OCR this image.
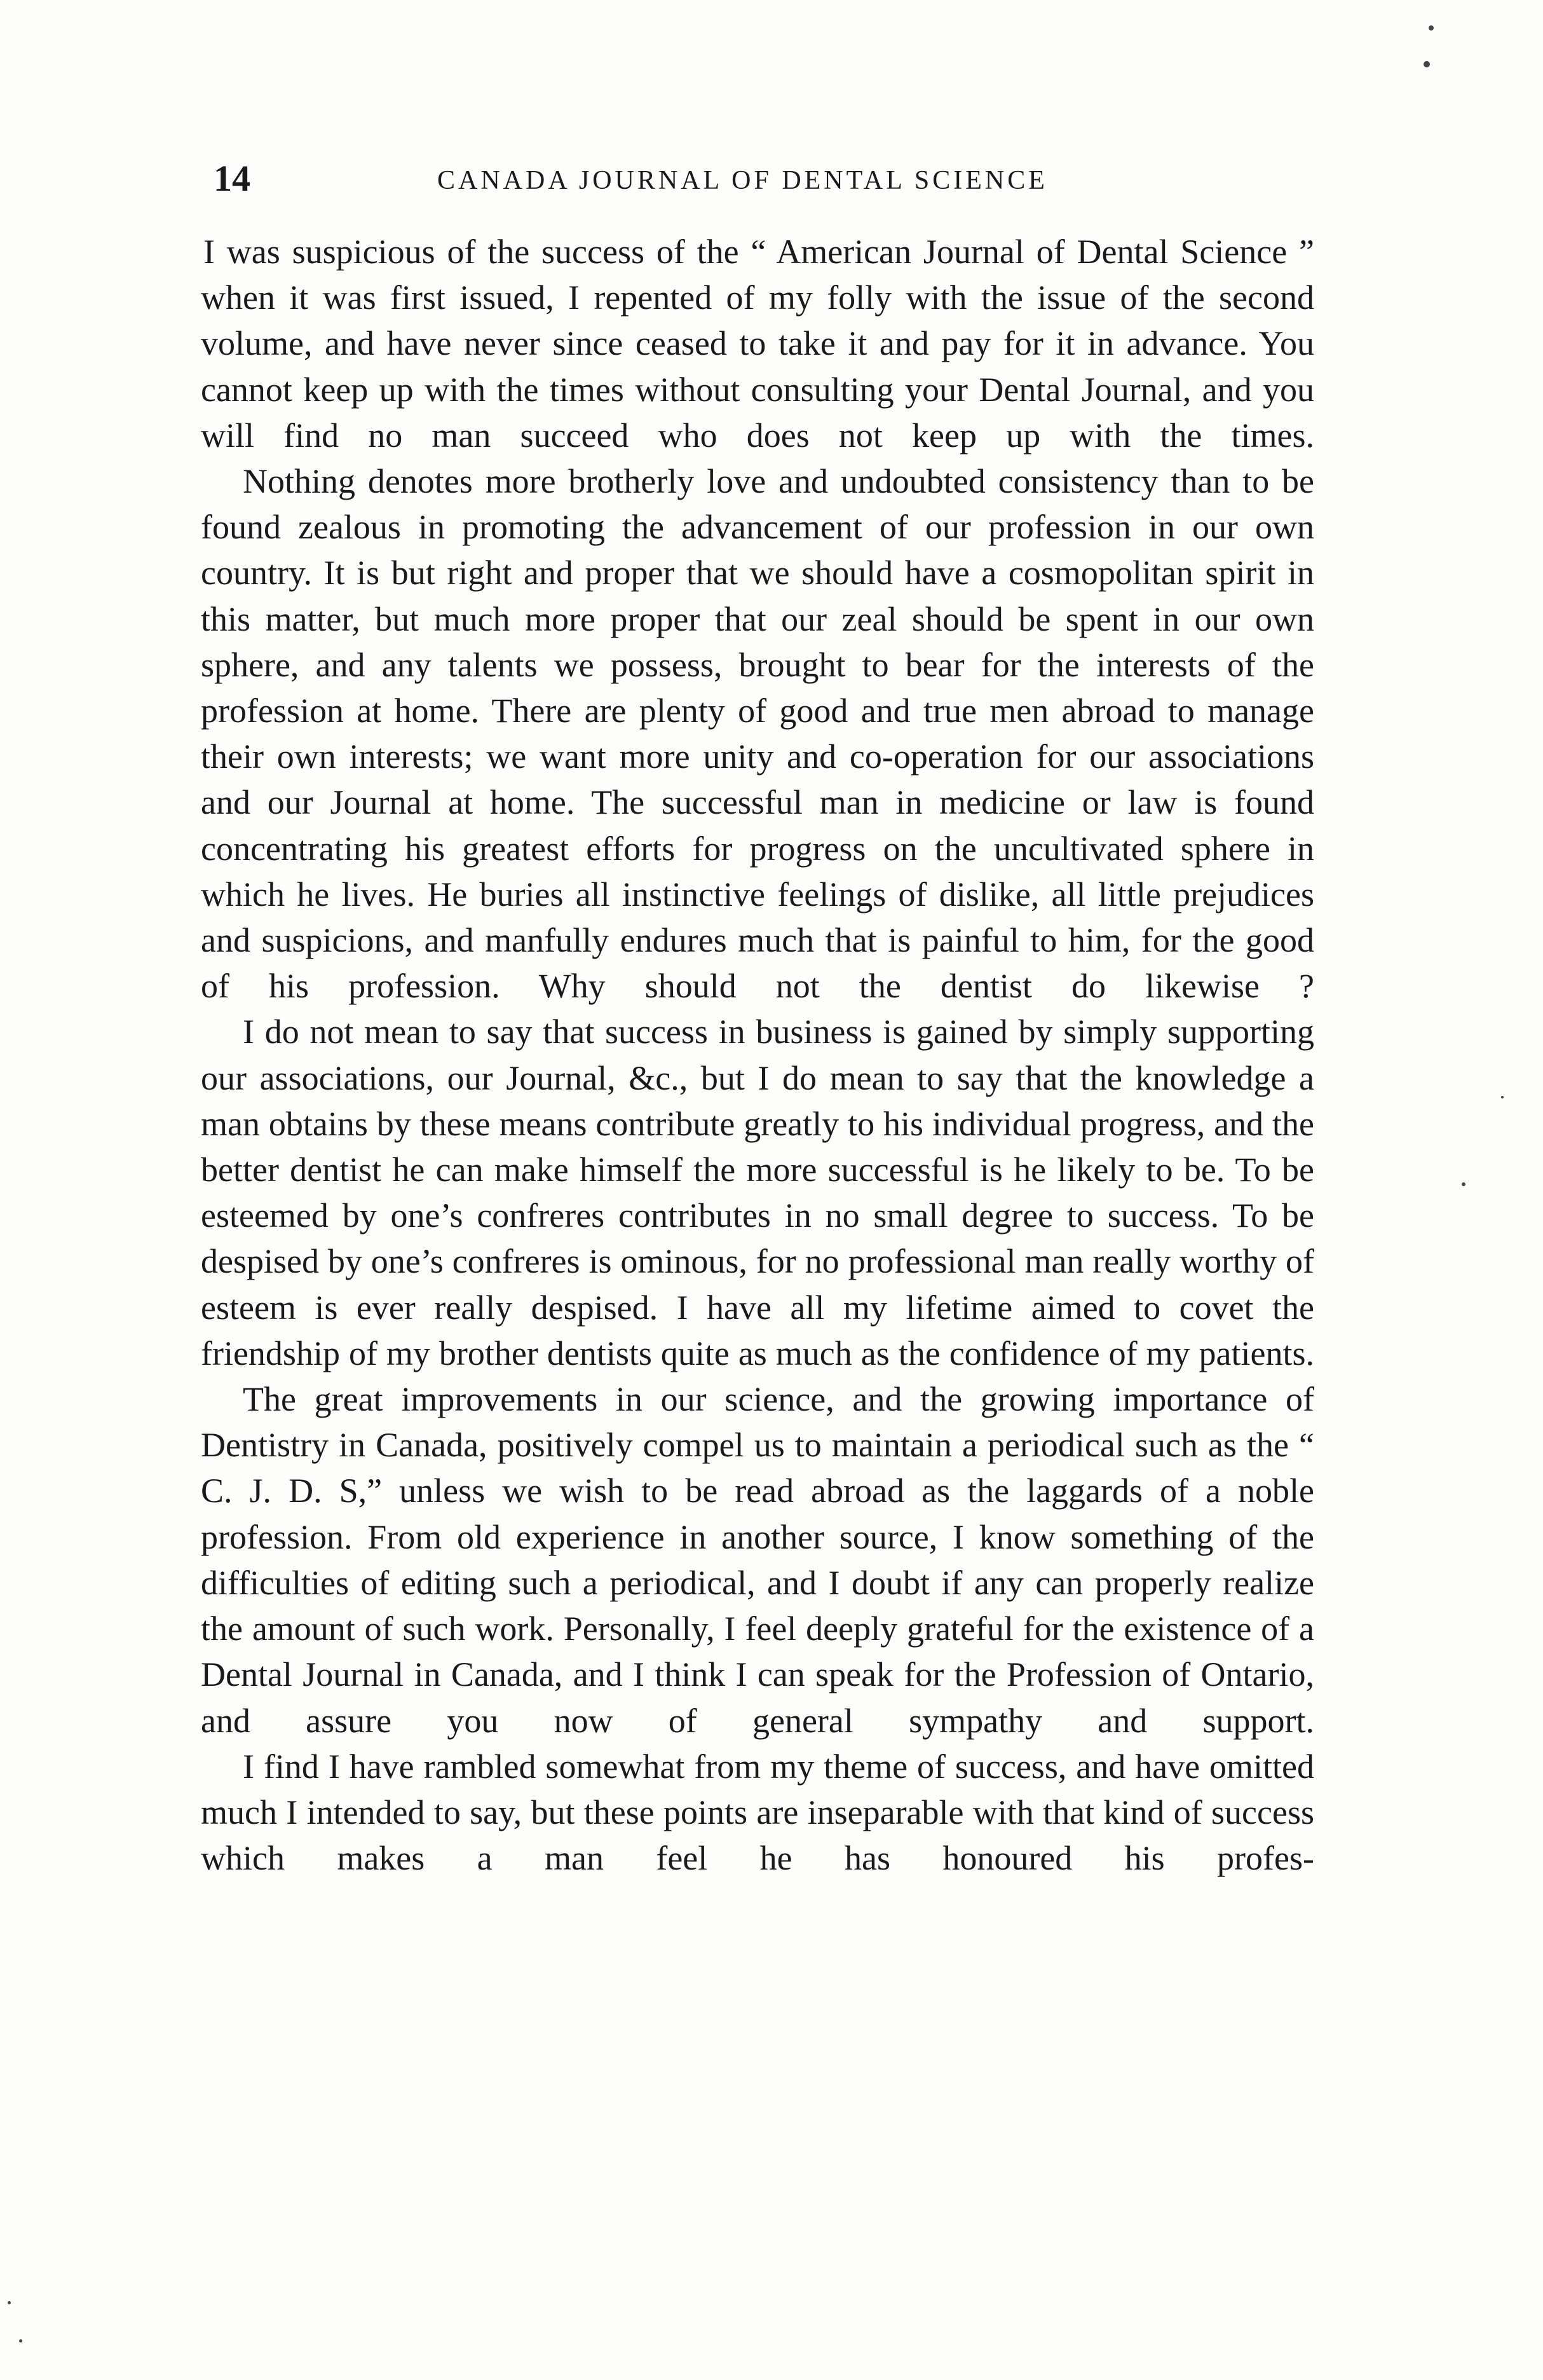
14	CANADA JOURNAL OF DENTAL SCIENCE

I was suspicious of the success of the “ American Journal of Dental Science ” when it was first issued, I repented of my folly with the issue of the second volume, and have never since ceased to take it and pay for it in advance. You cannot keep up with the times without consulting your Dental Journal, and you will find no man succeed who does not keep up with the times.

Nothing denotes more brotherly love and undoubted consistency than to be found zealous in promoting the advancement of our profession in our own country. It is but right and proper that we should have a cosmopolitan spirit in this matter, but much more proper that our zeal should be spent in our own sphere, and any talents we possess, brought to bear for the interests of the profession at home. There are plenty of good and true men abroad to manage their own interests; we want more unity and co-operation for our associations and our Journal at home. The successful man in medicine or law is found concentrating his greatest efforts for progress on the uncultivated sphere in which he lives. He buries all instinctive feelings of dislike, all little prejudices and suspicions, and manfully endures much that is painful to him, for the good of his profession. Why should not the dentist do likewise ?

I do not mean to say that success in business is gained by simply supporting our associations, our Journal, &c., but I do mean to say that the knowledge a man obtains by these means contribute greatly to his individual progress, and the better dentist he can make himself the more successful is he likely to be. To be esteemed by one’s confreres contributes in no small degree to success. To be despised by one’s confreres is ominous, for no professional man really worthy of esteem is ever really despised. I have all my lifetime aimed to covet the friendship of my brother dentists quite as much as the confidence of my patients.

The great improvements in our science, and the growing importance of Dentistry in Canada, positively compel us to maintain a periodical such as the “ C. J. D. S,” unless we wish to be read abroad as the laggards of a noble profession. From old experience in another source, I know something of the difficulties of editing such a periodical, and I doubt if any can properly realize the amount of such work. Personally, I feel deeply grateful for the existence of a Dental Journal in Canada, and I think I can speak for the Profession of Ontario, and assure you now of general sympathy and support.

I find I have rambled somewhat from my theme of success, and have omitted much I intended to say, but these points are inseparable with that kind of success which makes a man feel he has honoured his profes-
